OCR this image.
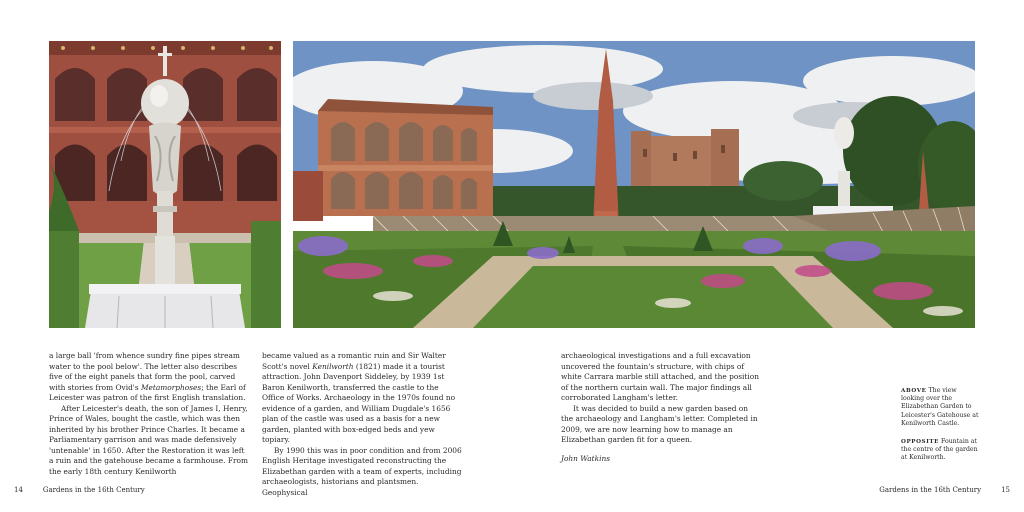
a large ball 'from whence sundry fine pipes stream water to the pool below'. The letter also describes five of the eight panels that form the pool, carved with stories from Ovid's Metamorphoses; the Earl of Leicester was patron of the first English translation.

After Leicester's death, the son of James I, Henry, Prince of Wales, bought the castle, which was then inherited by his brother Prince Charles. It became a Parliamentary garrison and was made defensively 'untenable' in 1650. After the Restoration it was left a ruin and the gatehouse became a farmhouse. From the early 18th century Kenilworth

became valued as a romantic ruin and Sir Walter Scott's novel Kenilworth (1821) made it a tourist attraction. John Davenport Siddeley, by 1939 1st Baron Kenilworth, transferred the castle to the Office of Works. Archaeology in the 1970s found no evidence of a garden, and William Dugdale's 1656 plan of the castle was used as a basis for a new garden, planted with box-edged beds and yew topiary.

By 1990 this was in poor condition and from 2006 English Heritage investigated reconstructing the Elizabethan garden with a team of experts, including archaeologists, historians and plantsmen. Geophysical

archaeological investigations and a full excavation uncovered the fountain's structure, with chips of white Carrara marble still attached, and the position of the northern curtain wall. The major findings all corroborated Langham's letter.

It was decided to build a new garden based on the archaeology and Langham's letter. Completed in 2009, we are now learning how to manage an Elizabethan garden fit for a queen.

John Watkins

ABOVE The view looking over the Elizabethan Garden to Leicester's Gatehouse at Kenilworth Castle.
OPPOSITE Fountain at the centre of the garden at Kenilworth.
14	Gardens in the 16th Century	Gardens in the 16th Century	15
